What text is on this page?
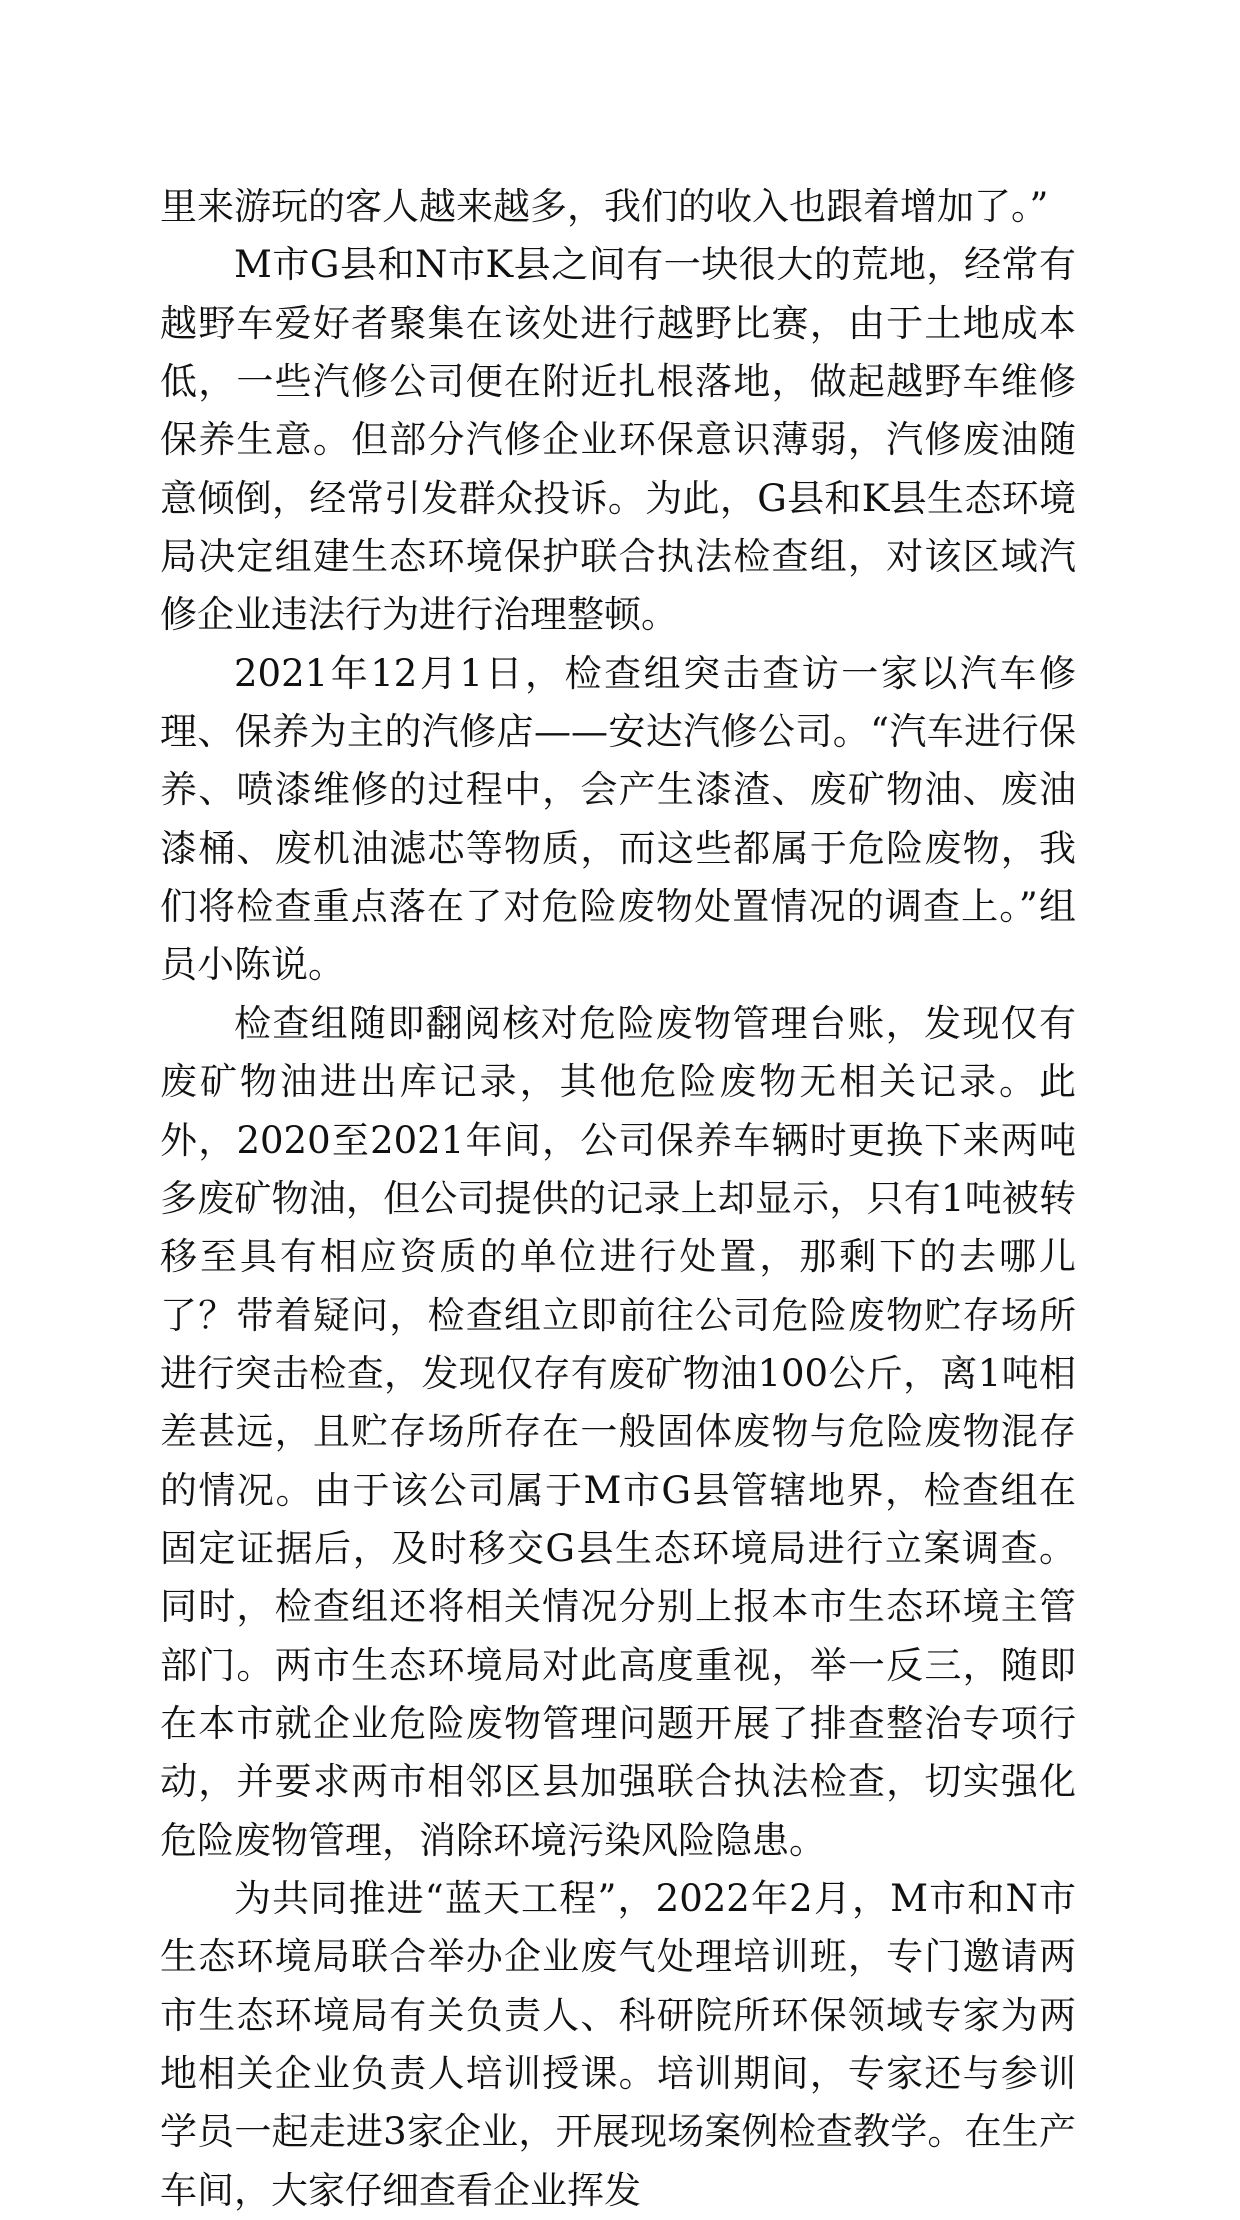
里来游玩的客人越来越多，我们的收入也跟着增加了。”

M市G县和N市K县之间有一块很大的荒地，经常有越野车爱好者聚集在该处进行越野比赛，由于土地成本低，一些汽修公司便在附近扎根落地，做起越野车维修保养生意。但部分汽修企业环保意识薄弱，汽修废油随意倾倒，经常引发群众投诉。为此，G县和K县生态环境局决定组建生态环境保护联合执法检查组，对该区域汽修企业违法行为进行治理整顿。

2021年12月1日，检查组突击查访一家以汽车修理、保养为主的汽修店——安达汽修公司。“汽车进行保养、喷漆维修的过程中，会产生漆渣、废矿物油、废油漆桶、废机油滤芯等物质，而这些都属于危险废物，我们将检查重点落在了对危险废物处置情况的调查上。”组员小陈说。

检查组随即翻阅核对危险废物管理台账，发现仅有废矿物油进出库记录，其他危险废物无相关记录。此外，2020至2021年间，公司保养车辆时更换下来两吨多废矿物油，但公司提供的记录上却显示，只有1吨被转移至具有相应资质的单位进行处置，那剩下的去哪儿了？带着疑问，检查组立即前往公司危险废物贮存场所进行突击检查，发现仅存有废矿物油100公斤，离1吨相差甚远，且贮存场所存在一般固体废物与危险废物混存的情况。由于该公司属于M市G县管辖地界，检查组在固定证据后，及时移交G县生态环境局进行立案调查。同时，检查组还将相关情况分别上报本市生态环境主管部门。两市生态环境局对此高度重视，举一反三，随即在本市就企业危险废物管理问题开展了排查整治专项行动，并要求两市相邻区县加强联合执法检查，切实强化危险废物管理，消除环境污染风险隐患。

为共同推进“蓝天工程”，2022年2月，M市和N市生态环境局联合举办企业废气处理培训班，专门邀请两市生态环境局有关负责人、科研院所环保领域专家为两地相关企业负责人培训授课。培训期间，专家还与参训学员一起走进3家企业，开展现场案例检查教学。在生产车间，大家仔细查看企业挥发
